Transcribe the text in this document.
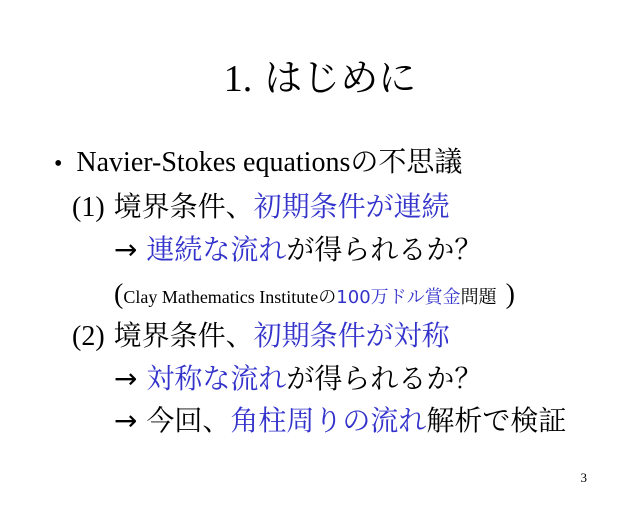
1. はじめに
• Navier-Stokes equationsの不思議
(1) 境界条件、初期条件が連続
→ 連続な流れが得られるか？
(Clay Mathematics Instituteの100万ドル賞金問題 )
(2) 境界条件、初期条件が対称
→ 対称な流れが得られるか？
→ 今回、角柱周りの流れ解析で検証
3
